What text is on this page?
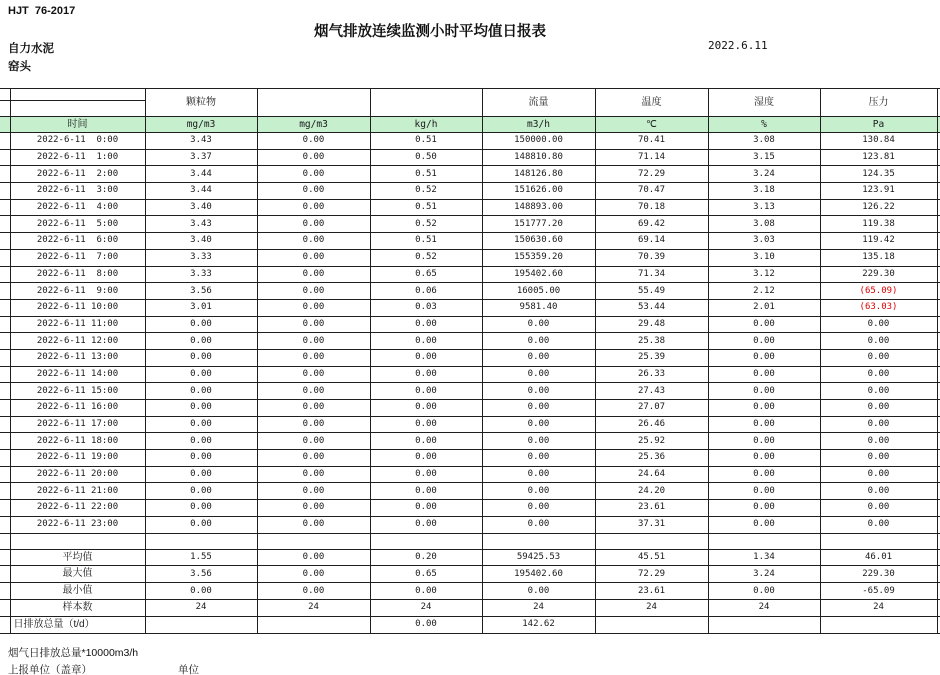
HJT  76-2017
烟气排放连续监测小时平均值日报表
自力水泥
窑头
2022.6.11
		颗粒物			流量	温度	湿度	压力	

	时间	mg/m3	mg/m3	kg/h	m3/h	℃	%	Pa	
	2022-6-11  0:00	3.43	0.00	0.51	150000.00	70.41	3.08	130.84	
	2022-6-11  1:00	3.37	0.00	0.50	148810.80	71.14	3.15	123.81	
	2022-6-11  2:00	3.44	0.00	0.51	148126.80	72.29	3.24	124.35	
	2022-6-11  3:00	3.44	0.00	0.52	151626.00	70.47	3.18	123.91	
	2022-6-11  4:00	3.40	0.00	0.51	148893.00	70.18	3.13	126.22	
	2022-6-11  5:00	3.43	0.00	0.52	151777.20	69.42	3.08	119.38	
	2022-6-11  6:00	3.40	0.00	0.51	150630.60	69.14	3.03	119.42	
	2022-6-11  7:00	3.33	0.00	0.52	155359.20	70.39	3.10	135.18	
	2022-6-11  8:00	3.33	0.00	0.65	195402.60	71.34	3.12	229.30	
	2022-6-11  9:00	3.56	0.00	0.06	16005.00	55.49	2.12	(65.09)	
	2022-6-11 10:00	3.01	0.00	0.03	9581.40	53.44	2.01	(63.03)	
	2022-6-11 11:00	0.00	0.00	0.00	0.00	29.48	0.00	0.00	
	2022-6-11 12:00	0.00	0.00	0.00	0.00	25.38	0.00	0.00	
	2022-6-11 13:00	0.00	0.00	0.00	0.00	25.39	0.00	0.00	
	2022-6-11 14:00	0.00	0.00	0.00	0.00	26.33	0.00	0.00	
	2022-6-11 15:00	0.00	0.00	0.00	0.00	27.43	0.00	0.00	
	2022-6-11 16:00	0.00	0.00	0.00	0.00	27.07	0.00	0.00	
	2022-6-11 17:00	0.00	0.00	0.00	0.00	26.46	0.00	0.00	
	2022-6-11 18:00	0.00	0.00	0.00	0.00	25.92	0.00	0.00	
	2022-6-11 19:00	0.00	0.00	0.00	0.00	25.36	0.00	0.00	
	2022-6-11 20:00	0.00	0.00	0.00	0.00	24.64	0.00	0.00	
	2022-6-11 21:00	0.00	0.00	0.00	0.00	24.20	0.00	0.00	
	2022-6-11 22:00	0.00	0.00	0.00	0.00	23.61	0.00	0.00	
	2022-6-11 23:00	0.00	0.00	0.00	0.00	37.31	0.00	0.00	

	平均值	1.55	0.00	0.20	59425.53	45.51	1.34	46.01	
	最大值	3.56	0.00	0.65	195402.60	72.29	3.24	229.30	
	最小值	0.00	0.00	0.00	0.00	23.61	0.00	-65.09	
	样本数	24	24	24	24	24	24	24	
	日排放总量（t/d）			0.00	142.62				
烟气日排放总量*10000m3/h
上报单位（盖章）	单位
